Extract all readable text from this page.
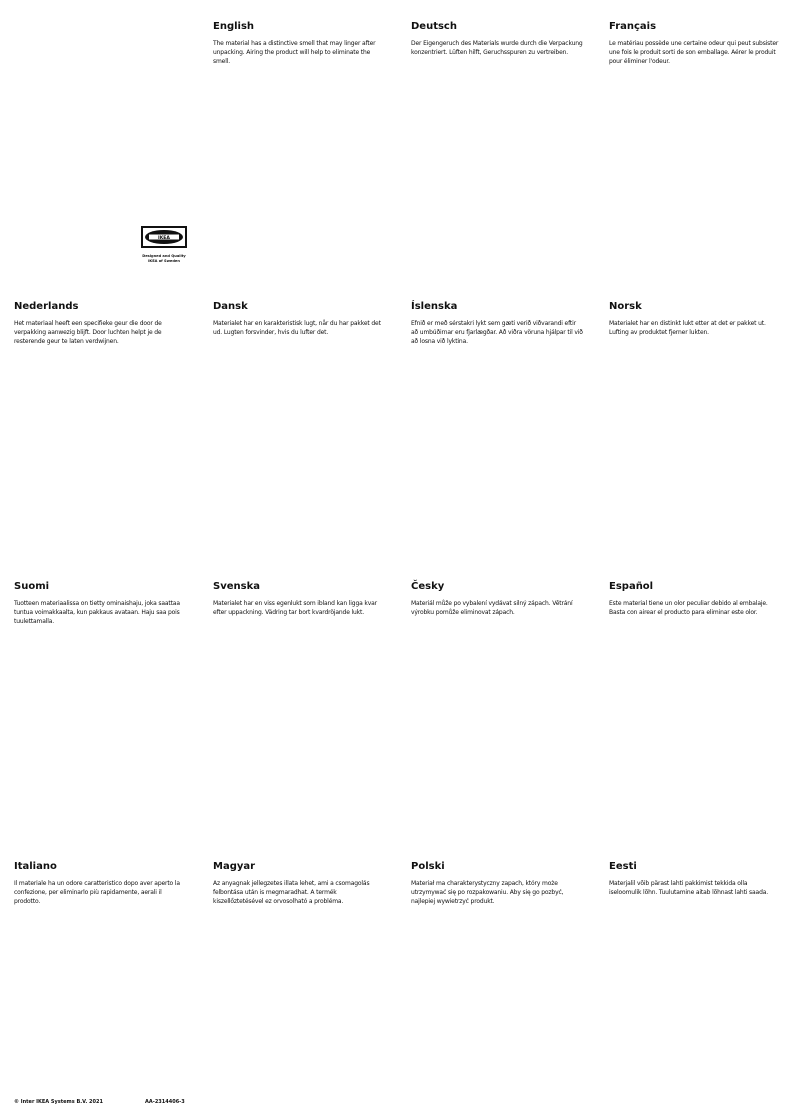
IKEA
Designed and Quality
IKEA of Sweden
English

The material has a distinctive smell that may linger after unpacking. Airing the product will help to eliminate the smell.

Deutsch

Der Eigengeruch des Materials wurde durch die Verpackung konzentriert. Lüften hilft, Geruchsspuren zu vertreiben.

Français

Le matériau possède une certaine odeur qui peut subsister une fois le produit sorti de son emballage. Aérer le produit pour éliminer l'odeur.

Nederlands

Het materiaal heeft een specifieke geur die door de verpakking aanwezig blijft. Door luchten helpt je de resterende geur te laten verdwijnen.

Dansk

Materialet har en karakteristisk lugt, når du har pakket det ud. Lugten forsvinder, hvis du lufter det.

Íslenska

Efnið er með sérstakri lykt sem gæti verið viðvarandi eftir að umbúðirnar eru fjarlægðar. Að viðra vöruna hjálpar til við að losna við lyktina.

Norsk

Materialet har en distinkt lukt etter at det er pakket ut. Lufting av produktet fjerner lukten.

Suomi

Tuotteen materiaalissa on tietty ominaishaju, joka saattaa tuntua voimakkaalta, kun pakkaus avataan. Haju saa pois tuulettamalla.

Svenska

Materialet har en viss egenlukt som ibland kan ligga kvar efter uppackning. Vädring tar bort kvardröjande lukt.

Česky

Materiál může po vybalení vydávat silný zápach. Větrání výrobku pomůže eliminovat zápach.

Español

Este material tiene un olor peculiar debido al embalaje. Basta con airear el producto para eliminar este olor.

Italiano

Il materiale ha un odore caratteristico dopo aver aperto la confezione, per eliminarlo più rapidamente, aerali il prodotto.

Magyar

Az anyagnak jellegzetes illata lehet, ami a csomagolás felbontása után is megmaradhat. A termék kiszellőztetésével ez orvosolható a probléma.

Polski

Materiał ma charakterystyczny zapach, który może utrzymywać się po rozpakowaniu. Aby się go pozbyć, najlepiej wywietrzyć produkt.

Eesti

Materjalil võib pärast lahti pakkimist tekkida olla iseloomulik lõhn. Tuulutamine aitab lõhnast lahti saada.

© Inter IKEA Systems B.V. 2021	AA-2314406-3
